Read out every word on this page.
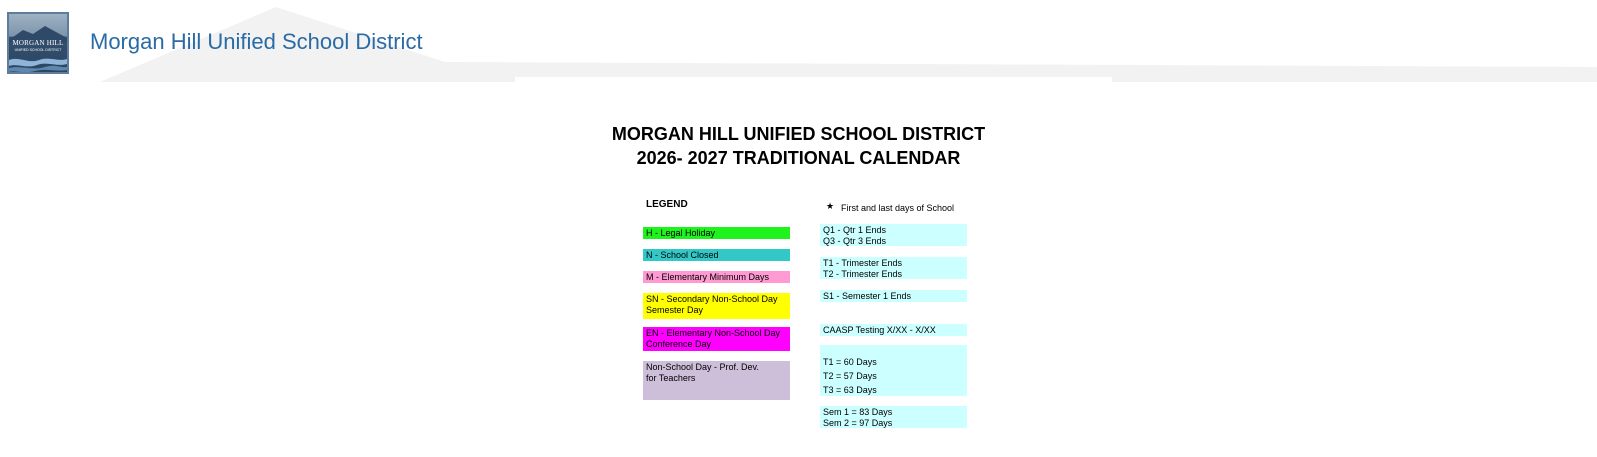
MORGAN HILL
UNIFIED SCHOOL DISTRICT Morgan Hill Unified School District
MORGAN HILL UNIFIED SCHOOL DISTRICT
2026- 2027 TRADITIONAL CALENDAR
LEGEND
H - Legal Holiday
N - School Closed
M - Elementary Minimum Days
SN - Secondary Non-School Day
Semester Day
EN - Elementary Non-School Day
Conference Day
Non-School Day - Prof. Dev.
for Teachers
★ First and last days of School
Q1 - Qtr 1 Ends
Q3 - Qtr 3 Ends
T1 - Trimester Ends
T2 - Trimester Ends
S1 - Semester 1 Ends
CAASP Testing X/XX - X/XX
T1 = 60 Days
T2 = 57 Days
T3 = 63 Days
Sem 1 = 83 Days
Sem 2 = 97 Days
